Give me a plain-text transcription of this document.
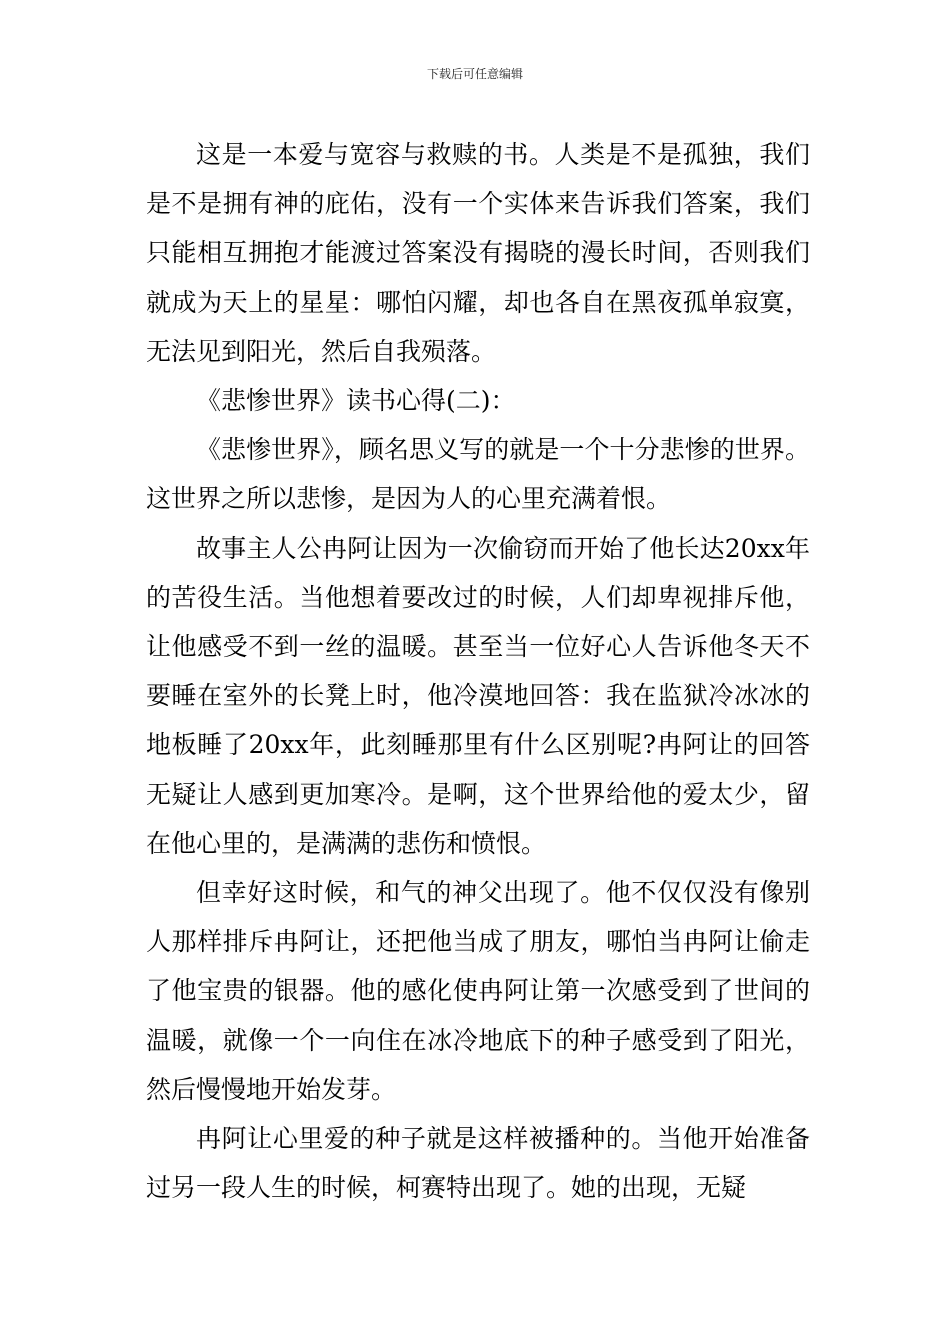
下载后可任意编辑

这是一本爱与宽容与救赎的书。人类是不是孤独，我们是不是拥有神的庇佑，没有一个实体来告诉我们答案，我们只能相互拥抱才能渡过答案没有揭晓的漫长时间，否则我们就成为天上的星星：哪怕闪耀，却也各自在黑夜孤单寂寞，无法见到阳光，然后自我殒落。

《悲惨世界》读书心得(二)：

《悲惨世界》，顾名思义写的就是一个十分悲惨的世界。这世界之所以悲惨，是因为人的心里充满着恨。

故事主人公冉阿让因为一次偷窃而开始了他长达20xx年的苦役生活。当他想着要改过的时候，人们却卑视排斥他，让他感受不到一丝的温暖。甚至当一位好心人告诉他冬天不要睡在室外的长凳上时，他冷漠地回答：我在监狱冷冰冰的地板睡了20xx年，此刻睡那里有什么区别呢?冉阿让的回答无疑让人感到更加寒冷。是啊，这个世界给他的爱太少，留在他心里的，是满满的悲伤和愤恨。

但幸好这时候，和气的神父出现了。他不仅仅没有像别人那样排斥冉阿让，还把他当成了朋友，哪怕当冉阿让偷走了他宝贵的银器。他的感化使冉阿让第一次感受到了世间的温暖，就像一个一向住在冰冷地底下的种子感受到了阳光，然后慢慢地开始发芽。

冉阿让心里爱的种子就是这样被播种的。当他开始准备过另一段人生的时候，柯赛特出现了。她的出现，无疑
